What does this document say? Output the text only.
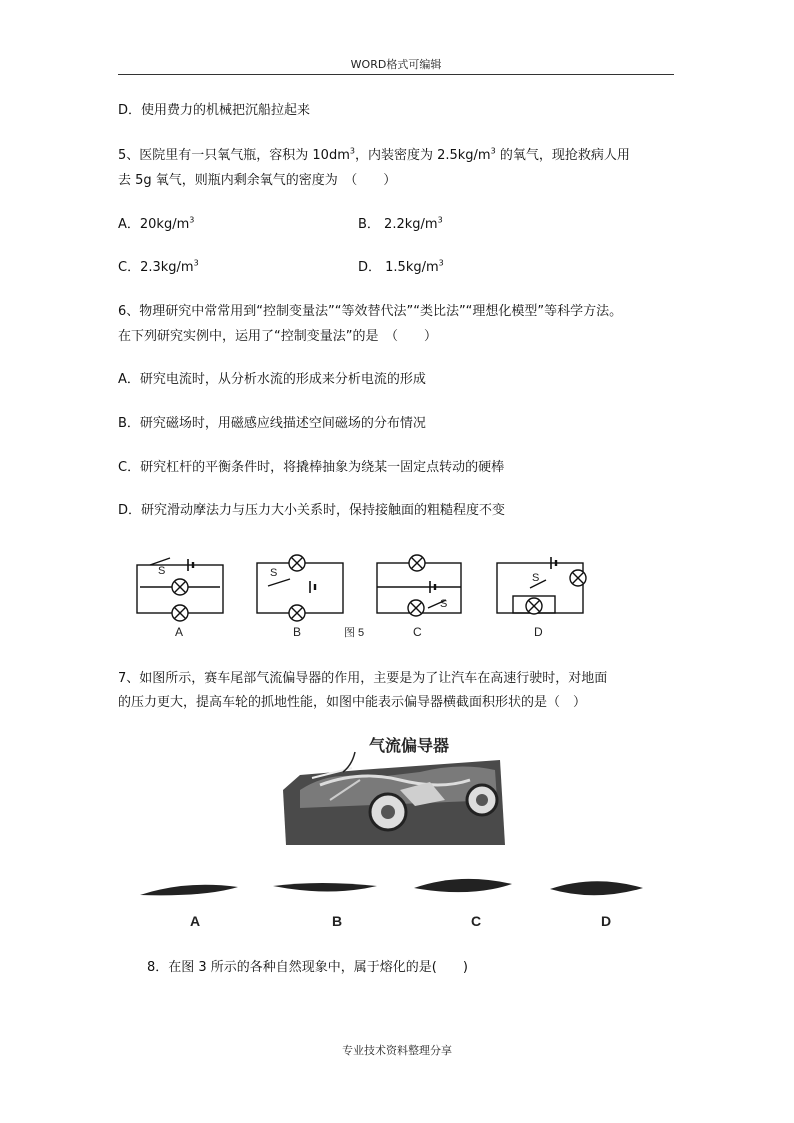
WORD格式可编辑
D．使用费力的机械把沉船拉起来
5、医院里有一只氧气瓶，容积为 $10dm^3$，内装密度为 $2.5kg/m^3$ 的氧气，现抢救病人用
去 5g 氧气，则瓶内剩余氧气的密度为　（　　）
A．$20kg/m^3$	B． $2.2kg/m^3$
C．$2.3kg/m^3$	D． $1.5kg/m^3$
6、物理研究中常常用到“控制变量法”“等效替代法”“类比法”“理想化模型”等科学方法。
在下列研究实例中，运用了“控制变量法”的是　（　　）
A．研究电流时，从分析水流的形成来分析电流的形成
B．研究磁场时，用磁感应线描述空间磁场的分布情况
C．研究杠杆的平衡条件时，将撬棒抽象为绕某一固定点转动的硬棒
D．研究滑动摩法力与压力大小关系时，保持接触面的粗糙程度不变
S	S
S
S
A	B	图 5	C	D
7、如图所示，赛车尾部气流偏导器的作用，主要是为了让汽车在高速行驶时，对地面
的压力更大，提高车轮的抓地性能，如图中能表示偏导器横截面积形状的是（　）
气流偏导器
A	B	C	D
8．在图 3 所示的各种自然现象中，属于熔化的是(　　)
专业技术资料整理分享
